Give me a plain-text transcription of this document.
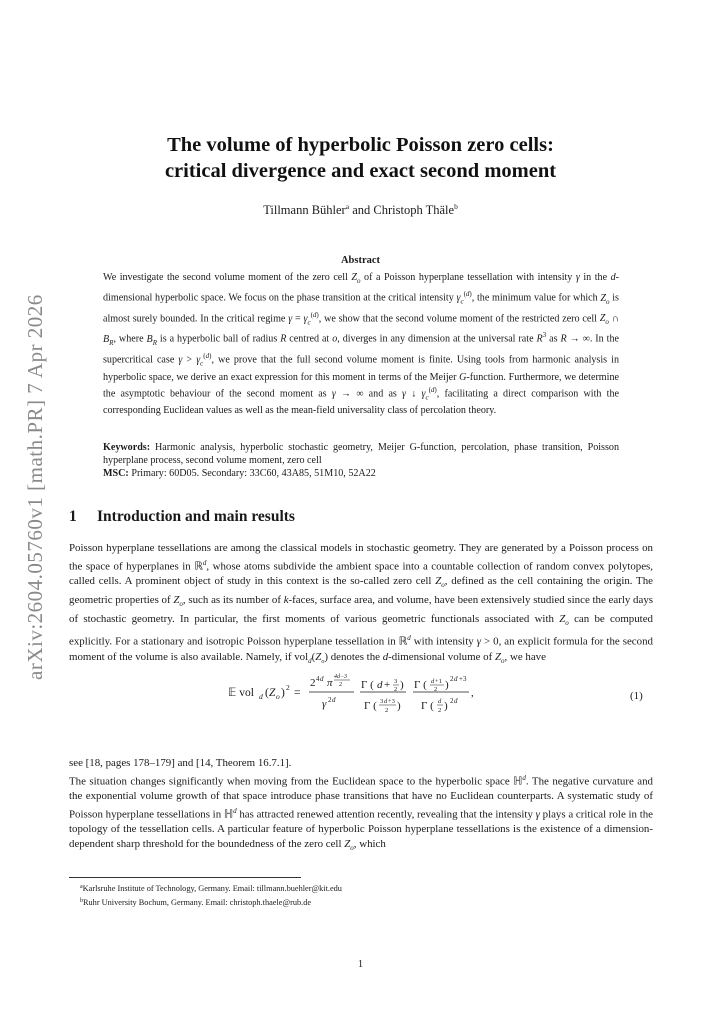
arXiv:2604.05760v1 [math.PR] 7 Apr 2026
The volume of hyperbolic Poisson zero cells:
critical divergence and exact second moment
Tillmann Bühler$^a$ and Christoph Thäle$^b$
Abstract
We investigate the second volume moment of the zero cell $Z_o$ of a Poisson hyperplane tessellation with intensity γ in the d-dimensional hyperbolic space. We focus on the phase transition at the critical intensity $\gamma_c^{(d)}$, the minimum value for which $Z_o$ is almost surely bounded. In the critical regime $\gamma = \gamma_c^{(d)}$, we show that the second volume moment of the restricted zero cell $Z_o$ ∩ $B_R$, where $B_R$ is a hyperbolic ball of radius R centred at o, diverges in any dimension at the universal rate $R^3$ as R → ∞. In the supercritical case $\gamma > \gamma_c^{(d)}$, we prove that the full second volume moment is finite. Using tools from harmonic analysis in hyperbolic space, we derive an exact expression for this moment in terms of the Meijer G-function. Furthermore, we determine the asymptotic behaviour of the second moment as γ → ∞ and as γ ↓ $\gamma_c^{(d)}$, facilitating a direct comparison with the corresponding Euclidean values as well as the mean-field universality class of percolation theory.
Keywords: Harmonic analysis, hyperbolic stochastic geometry, Meijer G-function, percolation, phase transition, Poisson hyperplane process, second volume moment, zero cell
MSC: Primary: 60D05. Secondary: 33C60, 43A85, 51M10, 52A22
1 Introduction and main results
Poisson hyperplane tessellations are among the classical models in stochastic geometry. They are generated by a Poisson process on the space of hyperplanes in ℝ$^d$, whose atoms subdivide the ambient space into a countable collection of random convex polytopes, called cells. A prominent object of study in this context is the so-called zero cell $Z_o$, defined as the cell containing the origin. The geometric properties of $Z_o$, such as its number of k-faces, surface area, and volume, have been extensively studied since the early days of stochastic geometry. In particular, the first moments of various geometric functionals associated with $Z_o$ can be computed explicitly. For a stationary and isotropic Poisson hyperplane tessellation in ℝ$^d$ with intensity γ > 0, an explicit formula for the second moment of the volume is also available. Namely, if $vol_d(Z_o)$ denotes the d-dimensional volume of $Z_o$, we have
𝔼 vol d ( Z o ) 2 =
2 4 d π 4d−3
2
γ 2 d
Γ ( d + 3
2 )
Γ ( 3 d +3
2 )
Γ ( d +1
2 ) 2 d +3
Γ ( d
2 ) 2 d
,	(1)
see [18, pages 178–179] and [14, Theorem 16.7.1].
The situation changes significantly when moving from the Euclidean space to the hyperbolic space ℍ$^d$. The negative curvature and the exponential volume growth of that space introduce phase transitions that have no Euclidean counterparts. A systematic study of Poisson hyperplane tessellations in ℍ$^d$ has attracted renewed attention recently, revealing that the intensity γ plays a critical role in the topology of the tessellation cells. A particular feature of hyperbolic Poisson hyperplane tessellations is the existence of a dimension-dependent sharp threshold for the boundedness of the zero cell $Z_o$, which
$^a$Karlsruhe Institute of Technology, Germany. Email: tillmann.buehler@kit.edu
$^b$Ruhr University Bochum, Germany. Email: christoph.thaele@rub.de
1
